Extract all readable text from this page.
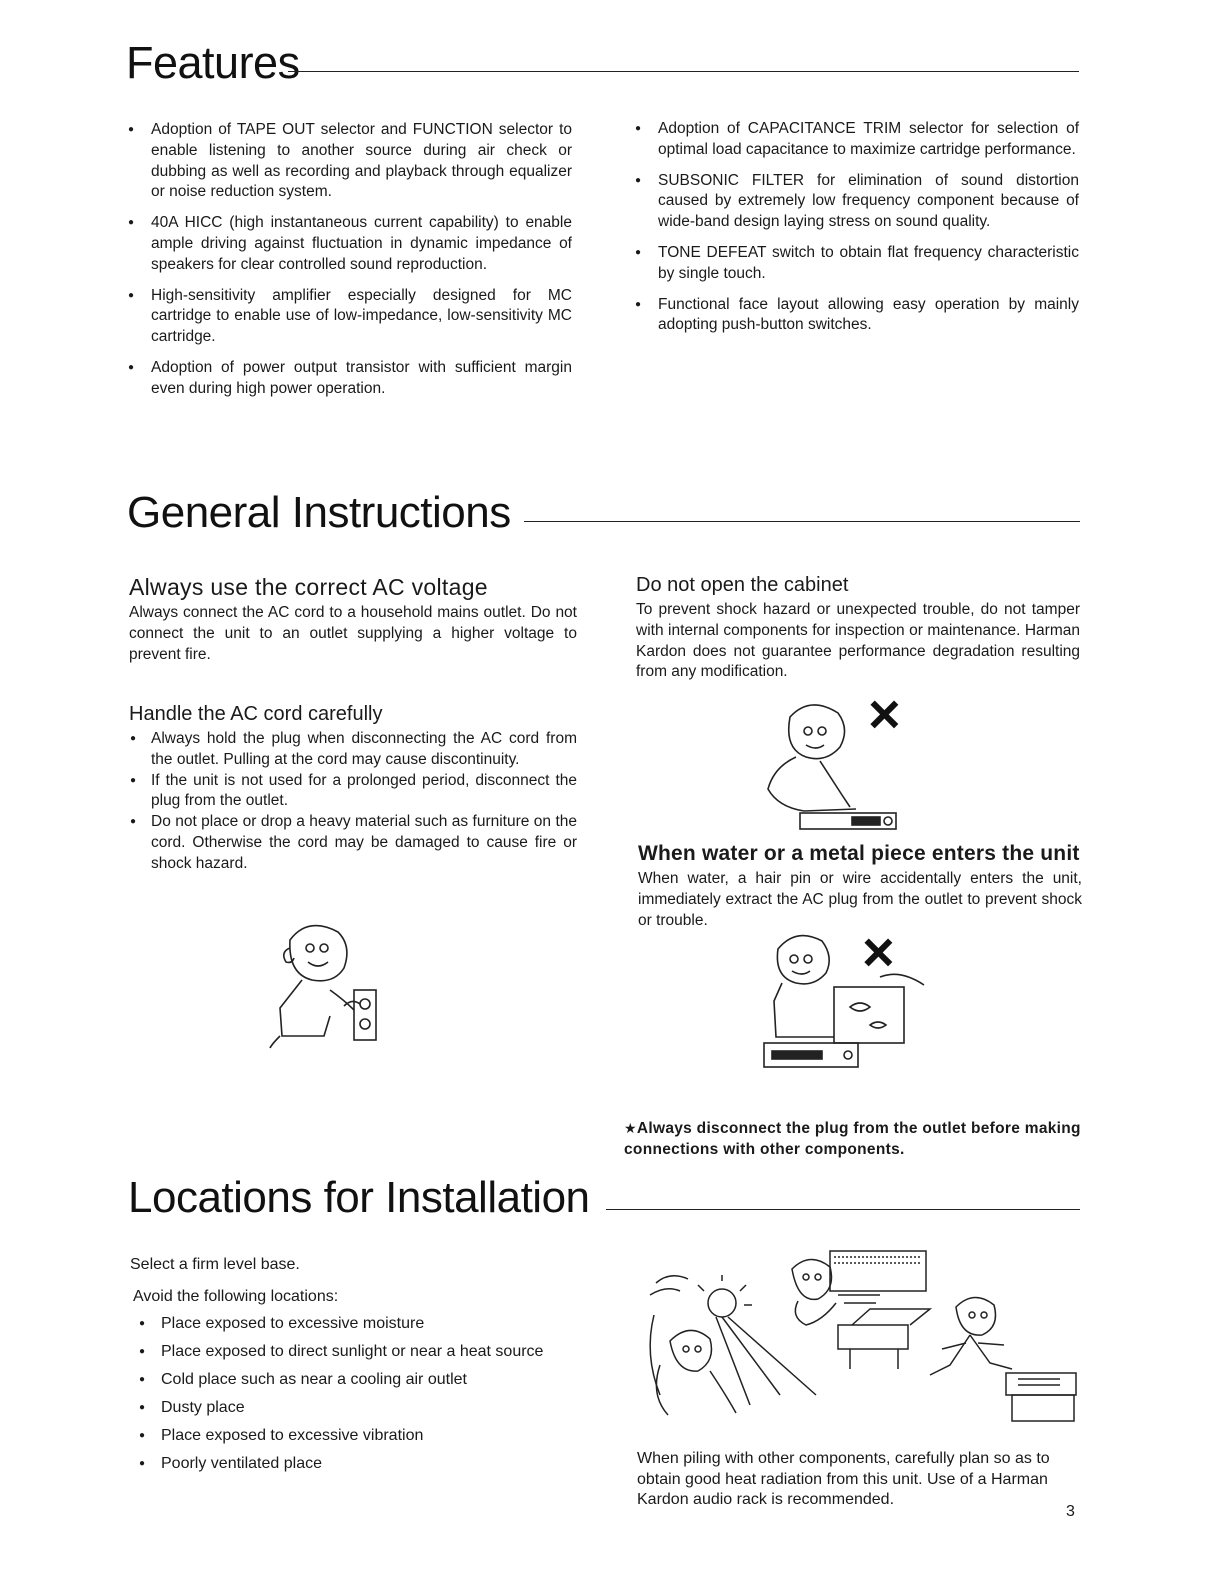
Features
● Adoption of TAPE OUT selector and FUNCTION selector to enable listening to another source during air check or dubbing as well as recording and playback through equalizer or noise reduction system.
● 40A HICC (high instantaneous current capability) to enable ample driving against fluctuation in dynamic impedance of speakers for clear controlled sound reproduction.
● High-sensitivity amplifier especially designed for MC cartridge to enable use of low-impedance, low-sensitivity MC cartridge.
● Adoption of power output transistor with sufficient margin even during high power operation.
● Adoption of CAPACITANCE TRIM selector for selection of optimal load capacitance to maximize cartridge performance.
● SUBSONIC FILTER for elimination of sound distortion caused by extremely low frequency component because of wide-band design laying stress on sound quality.
● TONE DEFEAT switch to obtain flat frequency characteristic by single touch.
● Functional face layout allowing easy operation by mainly adopting push-button switches.
General Instructions
Always use the correct AC voltage

Always connect the AC cord to a household mains outlet. Do not connect the unit to an outlet supplying a higher voltage to prevent fire.

Handle the AC cord carefully
● Always hold the plug when disconnecting the AC cord from the outlet. Pulling at the cord may cause discontinuity.
● If the unit is not used for a prolonged period, disconnect the plug from the outlet.
● Do not place or drop a heavy material such as furniture on the cord. Otherwise the cord may be damaged to cause fire or shock hazard.
Do not open the cabinet

To prevent shock hazard or unexpected trouble, do not tamper with internal components for inspection or maintenance. Harman Kardon does not guarantee performance degradation resulting from any modification.

×
When water or a metal piece enters the unit

When water, a hair pin or wire accidentally enters the unit, immediately extract the AC plug from the outlet to prevent shock or trouble.	×
★Always disconnect the plug from the outlet before making connections with other components.
Locations for Installation

Select a firm level base.

Avoid the following locations:

● Place exposed to excessive moisture
● Place exposed to direct sunlight or near a heat source
● Cold place such as near a cooling air outlet
● Dusty place
● Place exposed to excessive vibration
● Poorly ventilated place	When piling with other components, carefully plan so as to obtain good heat radiation from this unit. Use of a Harman Kardon audio rack is recommended.

3
